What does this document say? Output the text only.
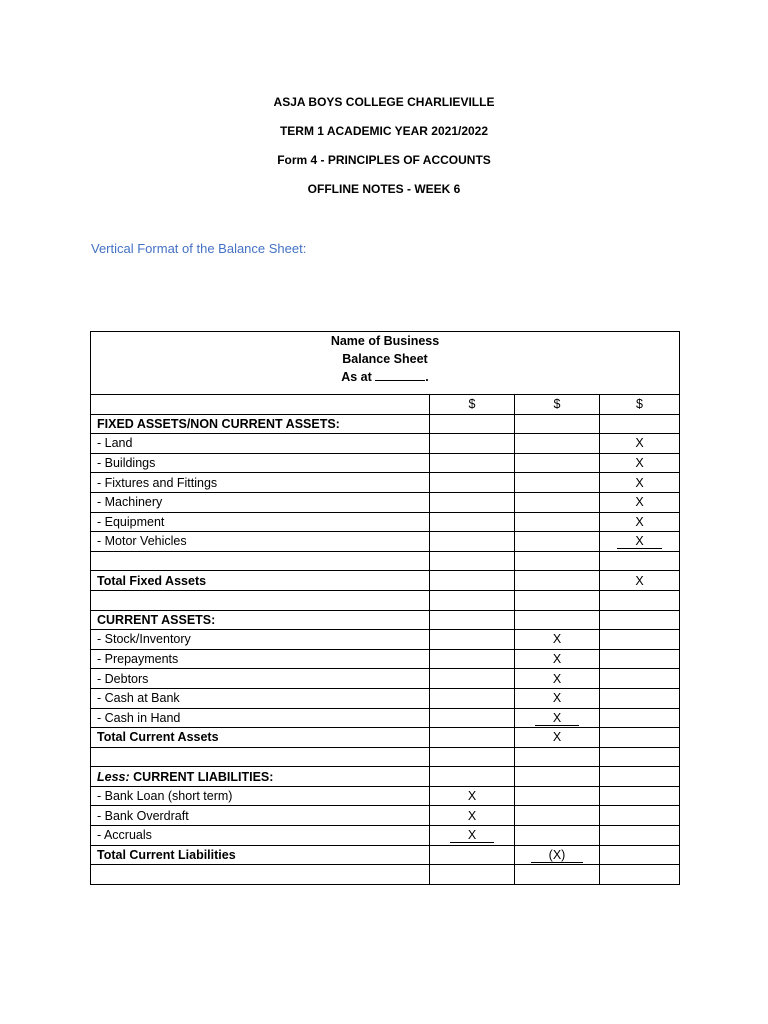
ASJA BOYS COLLEGE CHARLIEVILLE
TERM 1 ACADEMIC YEAR 2021/2022
Form 4 - PRINCIPLES OF ACCOUNTS
OFFLINE NOTES - WEEK 6
Vertical Format of the Balance Sheet:
Name of Business
Balance Sheet
As at .			

	$	$	$
FIXED ASSETS/NON CURRENT ASSETS:			
- Land			X
- Buildings			X
- Fixtures and Fittings			X
- Machinery			X
- Equipment			X
- Motor Vehicles			X

Total Fixed Assets			X

CURRENT ASSETS:			
- Stock/Inventory		X	
- Prepayments		X	
- Debtors		X	
- Cash at Bank		X	
- Cash in Hand		X	
Total Current Assets		X	

Less: CURRENT LIABILITIES:			
- Bank Loan (short term)	X		
- Bank Overdraft	X		
- Accruals	X		
Total Current Liabilities		(X)	
